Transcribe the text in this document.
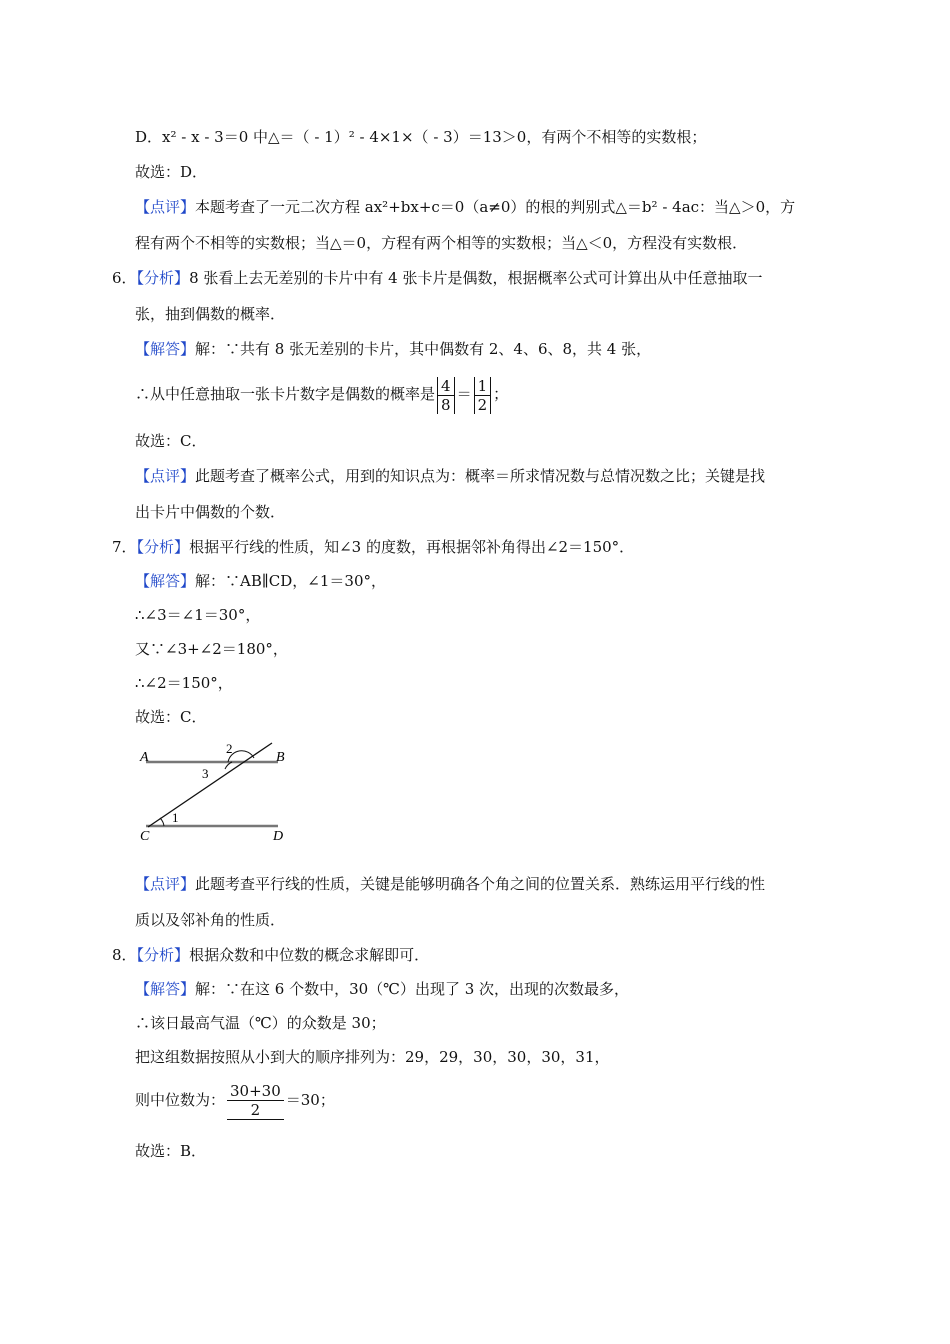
D．x² - x - 3＝0 中△＝（ - 1）² - 4×1×（ - 3）＝13＞0，有两个不相等的实数根；
故选：D．
【点评】本题考查了一元二次方程 ax²+bx+c＝0（a≠0）的根的判别式△＝b² - 4ac：当△＞0，方
程有两个不相等的实数根；当△＝0，方程有两个相等的实数根；当△＜0，方程没有实数根．
6．【分析】8 张看上去无差别的卡片中有 4 张卡片是偶数，根据概率公式可计算出从中任意抽取一
张，抽到偶数的概率．
【解答】解：∵共有 8 张无差别的卡片，其中偶数有 2、4、6、8，共 4 张，
∴从中任意抽取一张卡片数字是偶数的概率是 $\frac{4}{8} = \frac{1}{2}$ ；
故选：C．
【点评】此题考查了概率公式，用到的知识点为：概率＝所求情况数与总情况数之比；关键是找
出卡片中偶数的个数．
7．【分析】根据平行线的性质，知∠3 的度数，再根据邻补角得出∠2＝150°．
【解答】解：∵AB∥CD，∠1＝30°，
∴∠3＝∠1＝30°，
又∵∠3+∠2＝180°，
∴∠2＝150°，
故选：C．
A	B
C	D
1
2
3
【点评】此题考查平行线的性质，关键是能够明确各个角之间的位置关系．熟练运用平行线的性
质以及邻补角的性质．
8．【分析】根据众数和中位数的概念求解即可．
【解答】解：∵在这 6 个数中，30（℃）出现了 3 次，出现的次数最多，
∴该日最高气温（℃）的众数是 30；
把这组数据按照从小到大的顺序排列为：29，29，30，30，30，31，
则中位数为： $\frac{30+30}{2} =30$；
故选：B．
